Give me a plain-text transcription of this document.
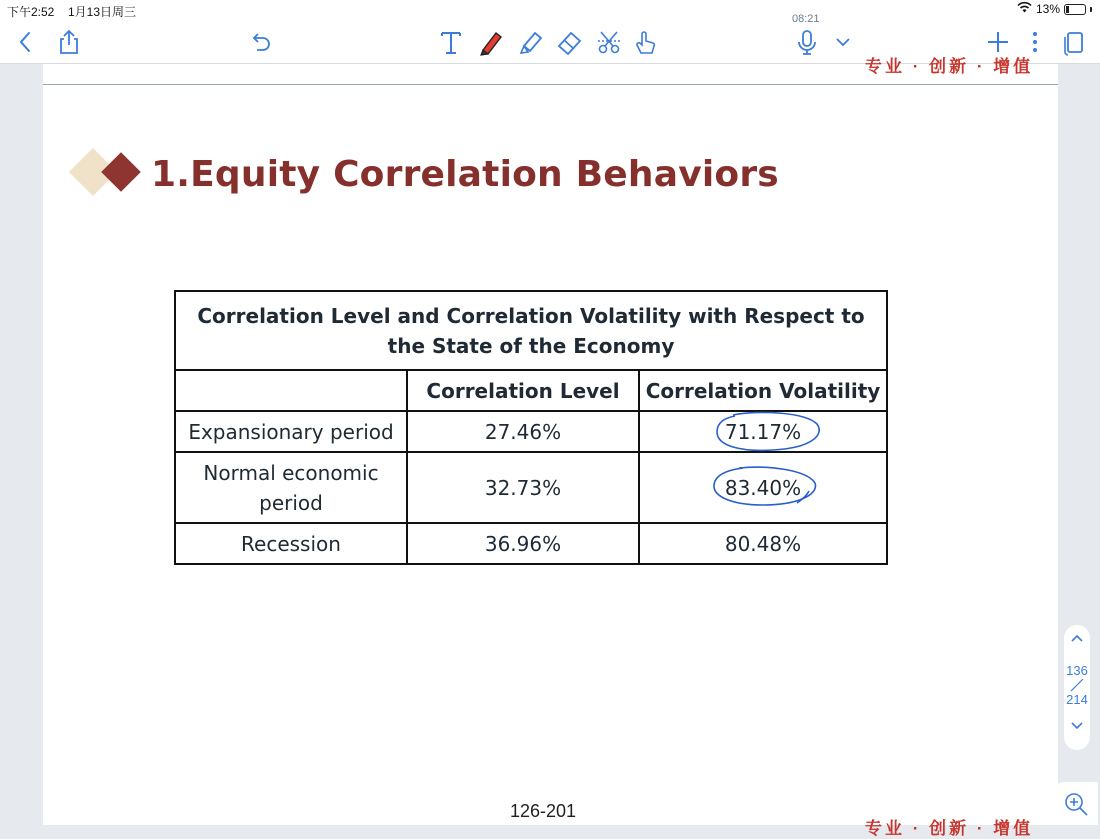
下午2:52 1月13日周三	13%
08:21
专业 · 创新 · 增值
1.Equity Correlation Behaviors
Correlation Level and Correlation Volatility with Respect to the State of the Economy		
	Correlation Level	Correlation Volatility
Expansionary period	27.46%	71.17%

Normal economic period	32.73%	83.40%

Recession	36.96%	80.48%
126-201
专业 · 创新 · 增值
136
214
